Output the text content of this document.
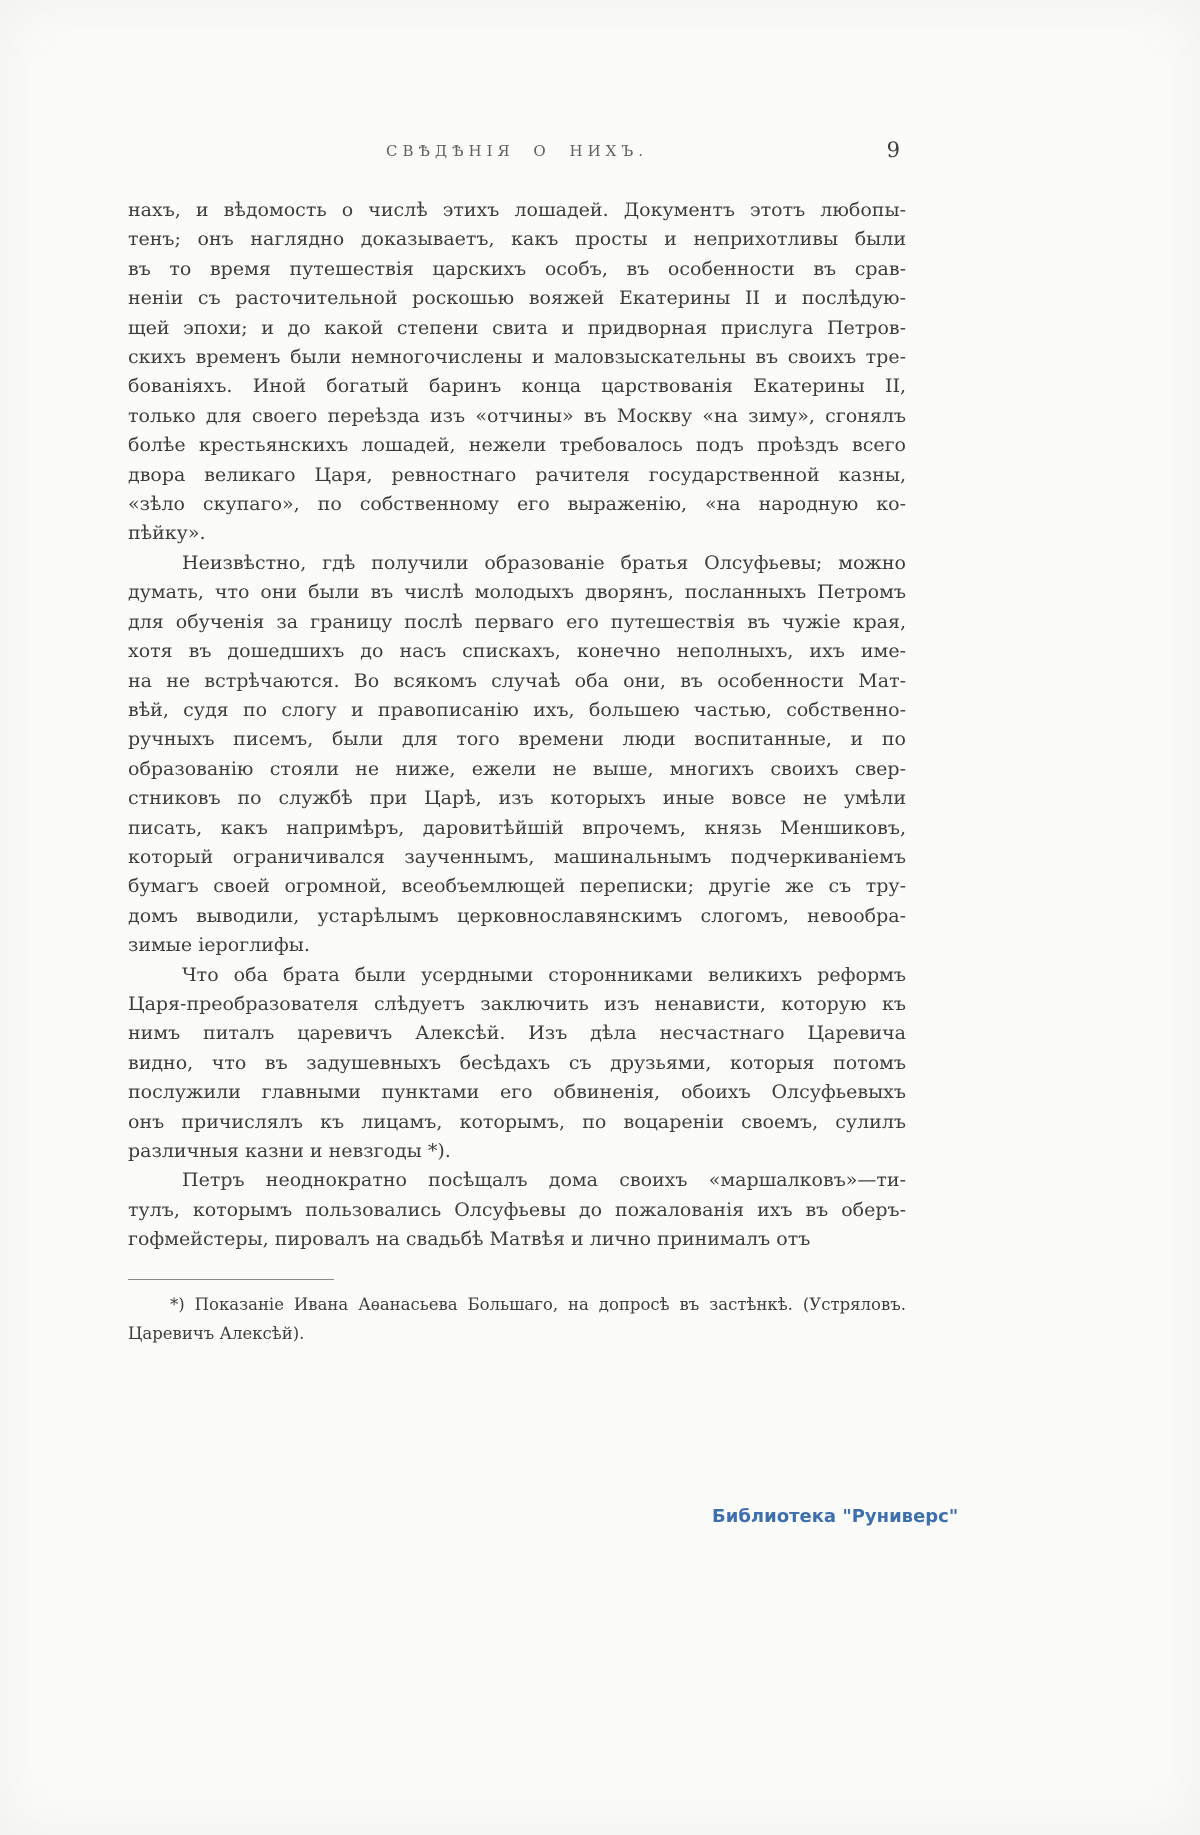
СВѢДѢНІЯ О НИХЪ.	9
нахъ, и вѣдомость о числѣ этихъ лошадей. Документъ этотъ любопы-
тенъ; онъ наглядно доказываетъ, какъ просты и неприхотливы были
въ то время путешествія царскихъ особъ, въ особенности въ срав-
неніи съ расточительной роскошью вояжей Екатерины II и послѣдую-
щей эпохи; и до какой степени свита и придворная прислуга Петров-
скихъ временъ были немногочислены и маловзыскательны въ своихъ тре-
бованіяхъ. Иной богатый баринъ конца царствованія Екатерины II,
только для своего переѣзда изъ «отчины» въ Москву «на зиму», сгонялъ
болѣе крестьянскихъ лошадей, нежели требовалось подъ проѣздъ всего
двора великаго Царя, ревностнаго рачителя государственной казны,
«зѣло скупаго», по собственному его выраженію, «на народную ко-
пѣйку».
Неизвѣстно, гдѣ получили образованіе братья Олсуфьевы; можно
думать, что они были въ числѣ молодыхъ дворянъ, посланныхъ Петромъ
для обученія за границу послѣ перваго его путешествія въ чужіе края,
хотя въ дошедшихъ до насъ спискахъ, конечно неполныхъ, ихъ име-
на не встрѣчаются. Во всякомъ случаѣ оба они, въ особенности Мат-
вѣй, судя по слогу и правописанію ихъ, большею частью, собственно-
ручныхъ писемъ, были для того времени люди воспитанные, и по
образованію стояли не ниже, ежели не выше, многихъ своихъ свер-
стниковъ по службѣ при Царѣ, изъ которыхъ иные вовсе не умѣли
писать, какъ напримѣръ, даровитѣйшій впрочемъ, князь Меншиковъ,
который ограничивался заученнымъ, машинальнымъ подчеркиваніемъ
бумагъ своей огромной, всеобъемлющей переписки; другіе же съ тру-
домъ выводили, устарѣлымъ церковнославянскимъ слогомъ, невообра-
зимые іероглифы.
Что оба брата были усердными сторонниками великихъ реформъ
Царя-преобразователя слѣдуетъ заключить изъ ненависти, которую къ
нимъ питалъ царевичъ Алексѣй. Изъ дѣла несчастнаго Царевича
видно, что въ задушевныхъ бесѣдахъ съ друзьями, которыя потомъ
послужили главными пунктами его обвиненія, обоихъ Олсуфьевыхъ
онъ причислялъ къ лицамъ, которымъ, по воцареніи своемъ, сулилъ
различныя казни и невзгоды *).
Петръ неоднократно посѣщалъ дома своихъ «маршалковъ»—ти-
тулъ, которымъ пользовались Олсуфьевы до пожалованія ихъ въ оберъ-
гофмейстеры, пировалъ на свадьбѣ Матвѣя и лично принималъ отъ
*) Показаніе Ивана Аѳанасьева Большаго, на допросѣ въ застѣнкѣ. (Устряловъ.
Царевичъ Алексѣй).
Библиотека "Руниверс"
